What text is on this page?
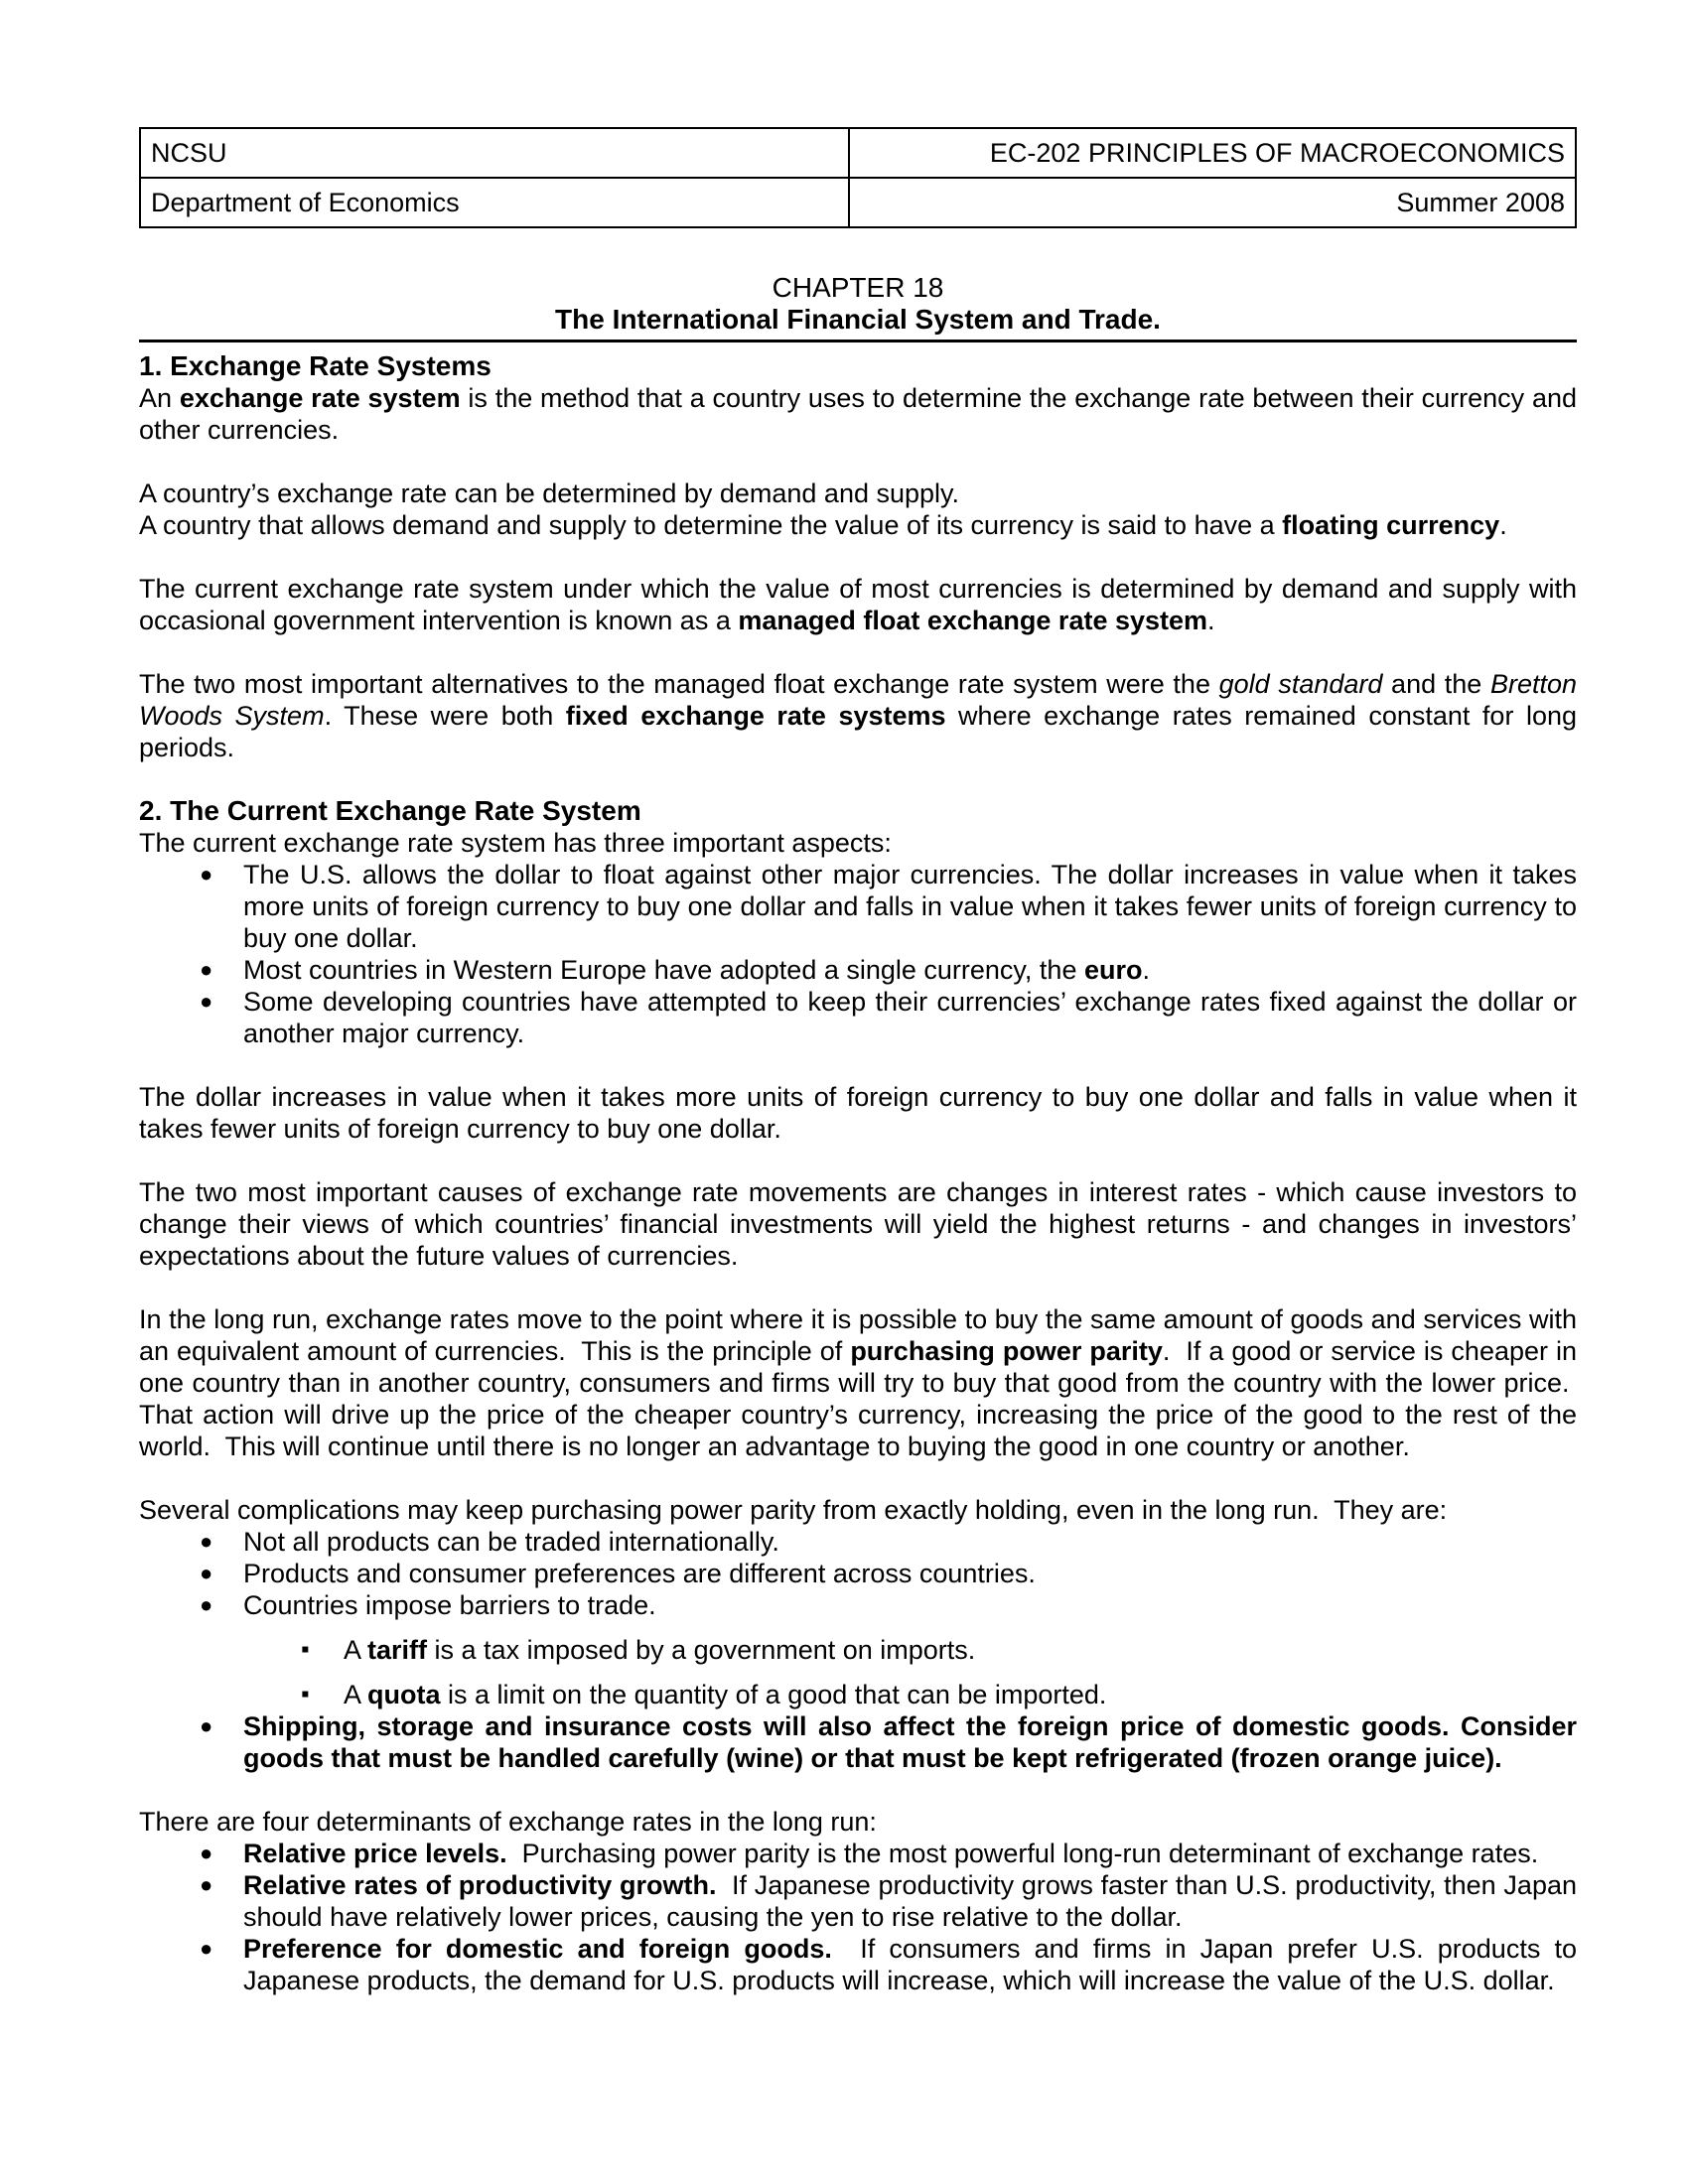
NCSU	EC-202 PRINCIPLES OF MACROECONOMICS
Department of Economics	Summer 2008
CHAPTER 18
The International Financial System and Trade.
1. Exchange Rate Systems
An exchange rate system is the method that a country uses to determine the exchange rate between their currency and other currencies.
A country’s exchange rate can be determined by demand and supply.
A country that allows demand and supply to determine the value of its currency is said to have a floating currency.
The current exchange rate system under which the value of most currencies is determined by demand and supply with occasional government intervention is known as a managed float exchange rate system.
The two most important alternatives to the managed float exchange rate system were the gold standard and the Bretton Woods System. These were both fixed exchange rate systems where exchange rates remained constant for long periods.
2. The Current Exchange Rate System
The current exchange rate system has three important aspects:
● The U.S. allows the dollar to float against other major currencies. The dollar increases in value when it takes more units of foreign currency to buy one dollar and falls in value when it takes fewer units of foreign currency to buy one dollar.
● Most countries in Western Europe have adopted a single currency, the euro.
● Some developing countries have attempted to keep their currencies’ exchange rates fixed against the dollar or another major currency.
The dollar increases in value when it takes more units of foreign currency to buy one dollar and falls in value when it takes fewer units of foreign currency to buy one dollar.
The two most important causes of exchange rate movements are changes in interest rates - which cause investors to change their views of which countries’ financial investments will yield the highest returns - and changes in investors’ expectations about the future values of currencies.
In the long run, exchange rates move to the point where it is possible to buy the same amount of goods and services with an equivalent amount of currencies.  This is the principle of purchasing power parity.  If a good or service is cheaper in one country than in another country, consumers and firms will try to buy that good from the country with the lower price.  That action will drive up the price of the cheaper country’s currency, increasing the price of the good to the rest of the world.  This will continue until there is no longer an advantage to buying the good in one country or another.
Several complications may keep purchasing power parity from exactly holding, even in the long run.  They are:
● Not all products can be traded internationally.
● Products and consumer preferences are different across countries.
● Countries impose barriers to trade.
▪ A tariff is a tax imposed by a government on imports.
▪ A quota is a limit on the quantity of a good that can be imported.
● Shipping, storage and insurance costs will also affect the foreign price of domestic goods. Consider goods that must be handled carefully (wine) or that must be kept refrigerated (frozen orange juice).
There are four determinants of exchange rates in the long run:
● Relative price levels.  Purchasing power parity is the most powerful long-run determinant of exchange rates.
● Relative rates of productivity growth.  If Japanese productivity grows faster than U.S. productivity, then Japan should have relatively lower prices, causing the yen to rise relative to the dollar.
● Preference for domestic and foreign goods.  If consumers and firms in Japan prefer U.S. products to Japanese products, the demand for U.S. products will increase, which will increase the value of the U.S. dollar.
